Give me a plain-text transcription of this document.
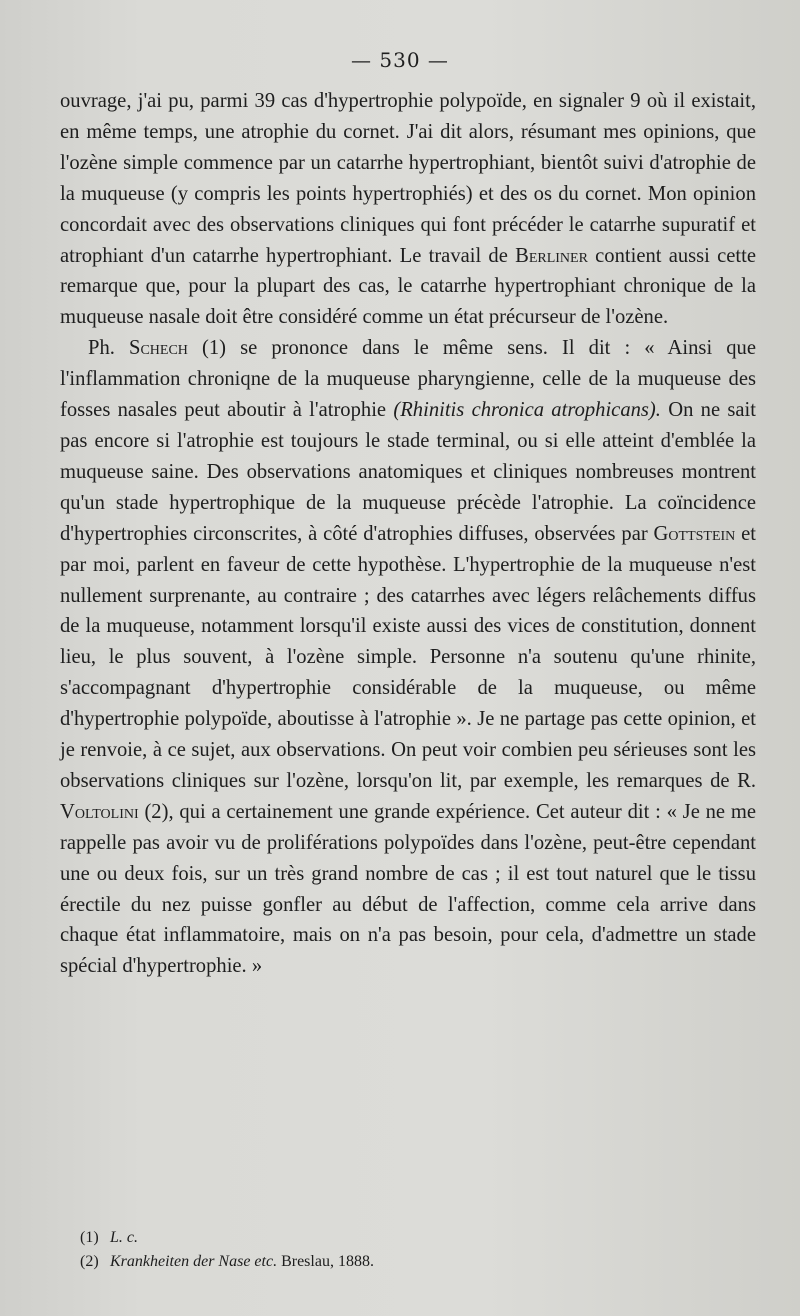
— 530 —

ouvrage, j'ai pu, parmi 39 cas d'hypertrophie polypoïde, en signaler 9 où il existait, en même temps, une atrophie du cornet. J'ai dit alors, résumant mes opinions, que l'ozène simple commence par un catarrhe hypertrophiant, bientôt suivi d'atrophie de la muqueuse (y compris les points hypertrophiés) et des os du cornet. Mon opinion concordait avec des observations cliniques qui font précéder le catarrhe supuratif et atrophiant d'un catarrhe hypertrophiant. Le travail de Berliner contient aussi cette remarque que, pour la plupart des cas, le catarrhe hypertrophiant chronique de la muqueuse nasale doit être considéré comme un état précurseur de l'ozène.

Ph. Schech (1) se prononce dans le même sens. Il dit : « Ainsi que l'inflammation chroniqne de la muqueuse pharyngienne, celle de la muqueuse des fosses nasales peut aboutir à l'atrophie (Rhinitis chronica atrophicans). On ne sait pas encore si l'atrophie est toujours le stade terminal, ou si elle atteint d'emblée la muqueuse saine. Des observations anatomiques et cliniques nombreuses montrent qu'un stade hypertrophique de la muqueuse précède l'atrophie. La coïncidence d'hypertrophies circonscrites, à côté d'atrophies diffuses, observées par Gottstein et par moi, parlent en faveur de cette hypothèse. L'hypertrophie de la muqueuse n'est nullement surprenante, au contraire ; des catarrhes avec légers relâchements diffus de la muqueuse, notamment lorsqu'il existe aussi des vices de constitution, donnent lieu, le plus souvent, à l'ozène simple. Personne n'a soutenu qu'une rhinite, s'accompagnant d'hypertrophie considérable de la muqueuse, ou même d'hypertrophie polypoïde, aboutisse à l'atrophie ». Je ne partage pas cette opinion, et je renvoie, à ce sujet, aux observations. On peut voir combien peu sérieuses sont les observations cliniques sur l'ozène, lorsqu'on lit, par exemple, les remarques de R. Voltolini (2), qui a certainement une grande expérience. Cet auteur dit : « Je ne me rappelle pas avoir vu de proliférations polypoïdes dans l'ozène, peut-être cependant une ou deux fois, sur un très grand nombre de cas ; il est tout naturel que le tissu érectile du nez puisse gonfler au début de l'affection, comme cela arrive dans chaque état inflammatoire, mais on n'a pas besoin, pour cela, d'admettre un stade spécial d'hypertrophie. »

(1) L. c.
(2) Krankheiten der Nase etc. Breslau, 1888.
